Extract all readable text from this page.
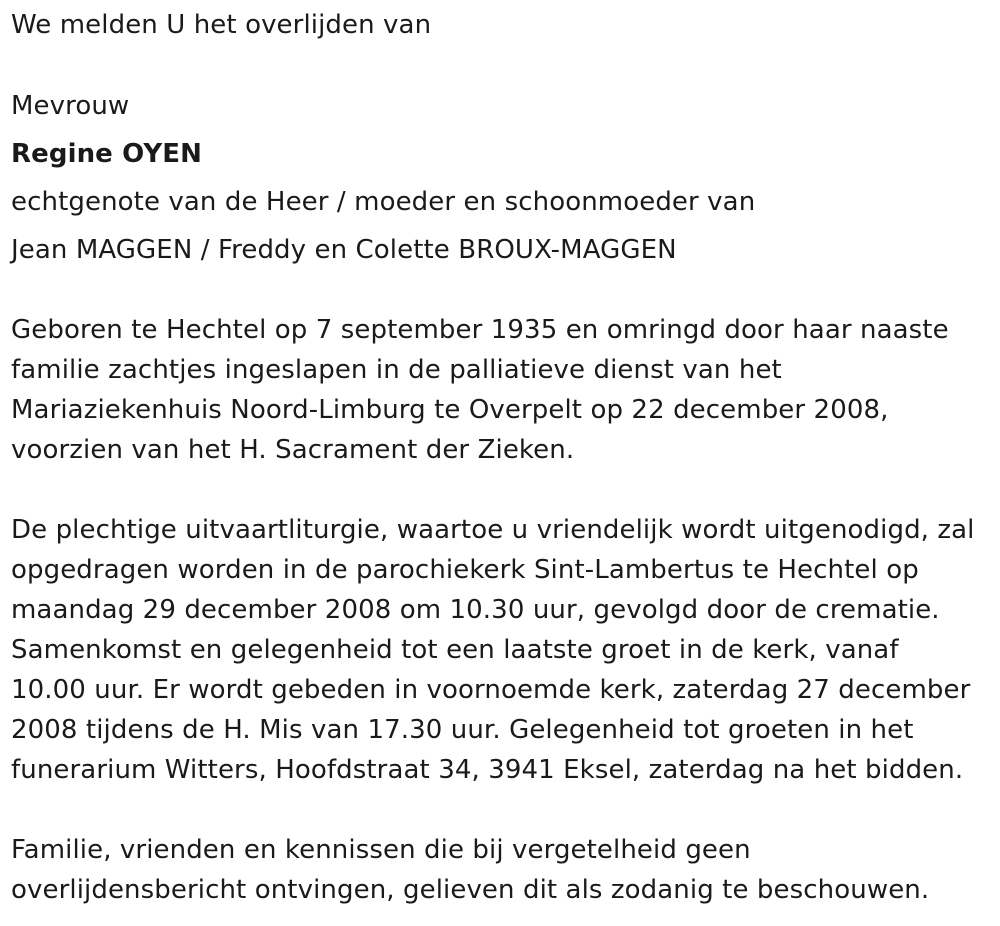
We melden U het overlijden van
Mevrouw
Regine OYEN
echtgenote van de Heer / moeder en schoonmoeder van
Jean MAGGEN / Freddy en Colette BROUX-MAGGEN
Geboren te Hechtel op 7 september 1935 en omringd door haar naaste
familie zachtjes ingeslapen in de palliatieve dienst van het
Mariaziekenhuis Noord-Limburg te Overpelt op 22 december 2008,
voorzien van het H. Sacrament der Zieken.
De plechtige uitvaartliturgie, waartoe u vriendelijk wordt uitgenodigd, zal
opgedragen worden in de parochiekerk Sint-Lambertus te Hechtel op
maandag 29 december 2008 om 10.30 uur, gevolgd door de crematie.
Samenkomst en gelegenheid tot een laatste groet in de kerk, vanaf
10.00 uur. Er wordt gebeden in voornoemde kerk, zaterdag 27 december
2008 tijdens de H. Mis van 17.30 uur. Gelegenheid tot groeten in het
funerarium Witters, Hoofdstraat 34, 3941 Eksel, zaterdag na het bidden.
Familie, vrienden en kennissen die bij vergetelheid geen
overlijdensbericht ontvingen, gelieven dit als zodanig te beschouwen.
